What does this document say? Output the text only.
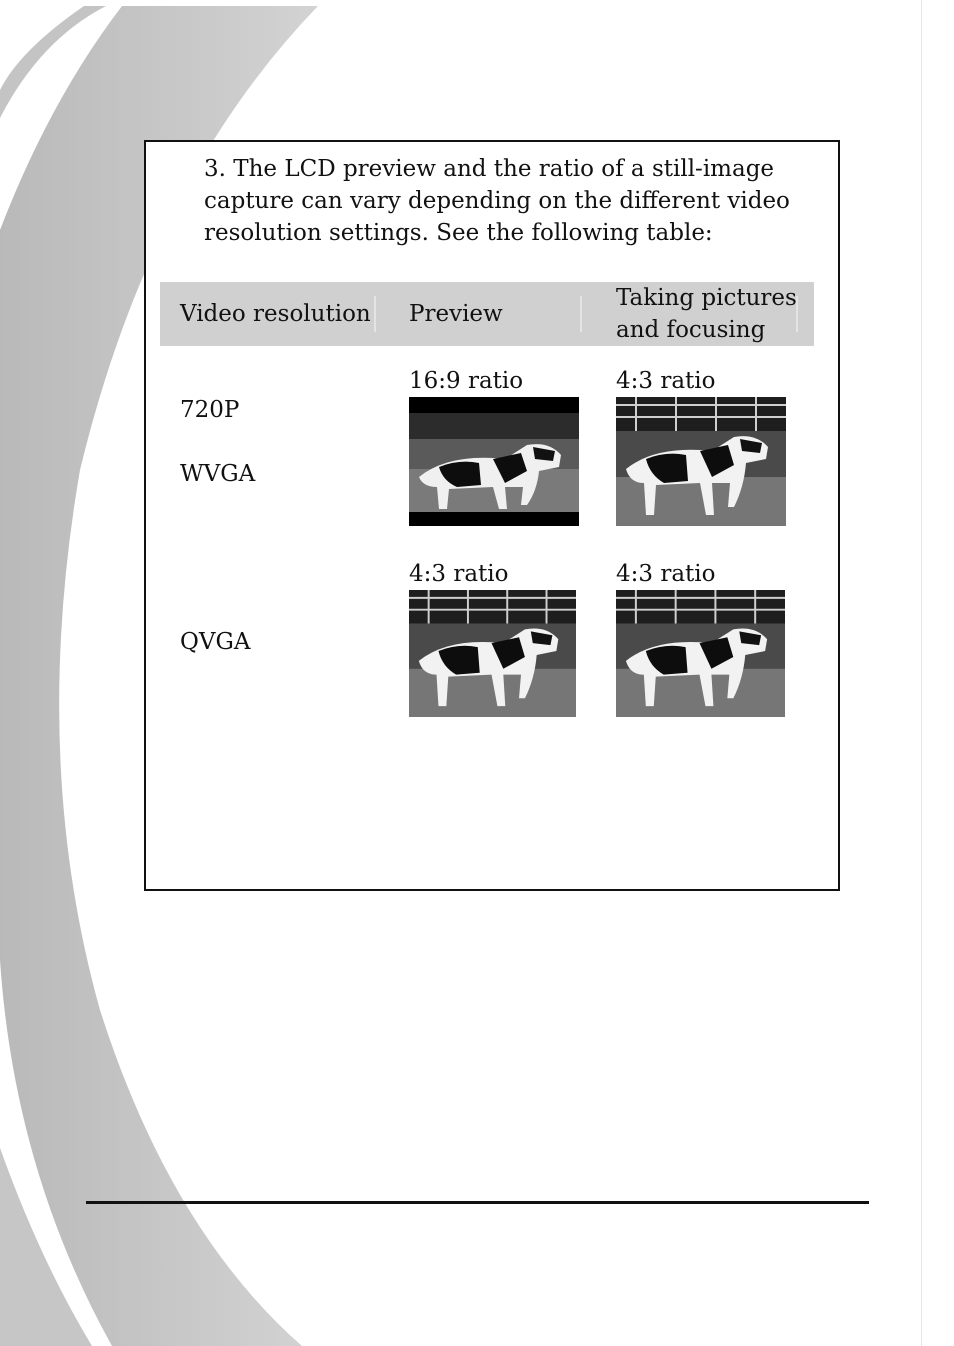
3. The LCD preview and the ratio of a still-image capture can vary depending on the different video resolution settings. See the following table:

Video resolution Preview
Taking pictures and focusing
720P
WVGA
16:9 ratio	4:3 ratio
QVGA
4:3 ratio	4:3 ratio
